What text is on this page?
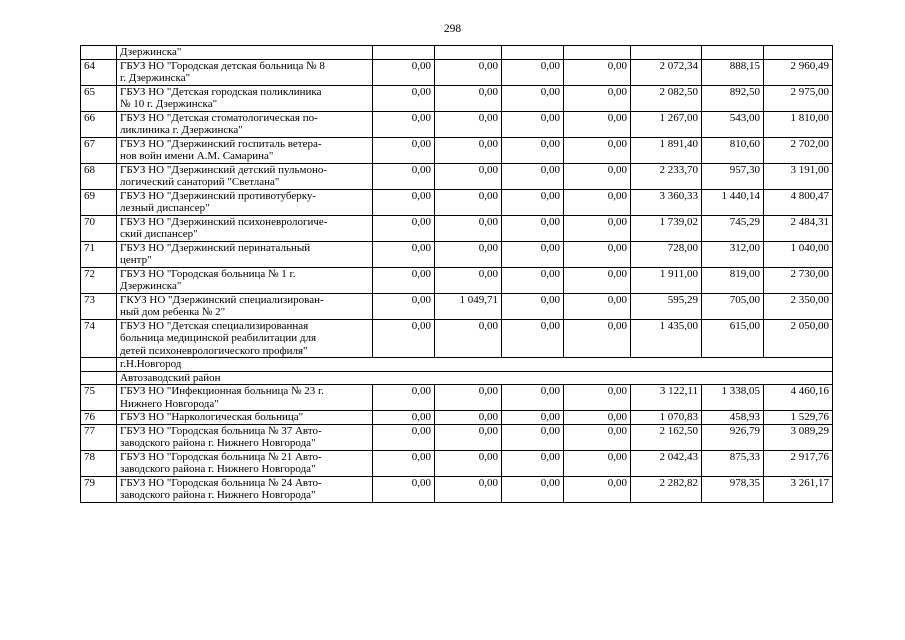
298
	Дзержинска"							
64	ГБУЗ НО "Городская детская больница № 8
г. Дзержинска"	0,00	0,00	0,00	0,00	2 072,34	888,15	2 960,49
65	ГБУЗ НО "Детская городская поликлиника
№ 10 г. Дзержинска"	0,00	0,00	0,00	0,00	2 082,50	892,50	2 975,00
66	ГБУЗ НО "Детская стоматологическая по-
ликлиника г. Дзержинска"	0,00	0,00	0,00	0,00	1 267,00	543,00	1 810,00
67	ГБУЗ НО "Дзержинский госпиталь ветера-
нов войн имени А.М. Самарина"	0,00	0,00	0,00	0,00	1 891,40	810,60	2 702,00
68	ГБУЗ НО "Дзержинский детский пульмоно-
логический санаторий "Светлана"	0,00	0,00	0,00	0,00	2 233,70	957,30	3 191,00
69	ГБУЗ НО "Дзержинский противотуберку-
лезный диспансер"	0,00	0,00	0,00	0,00	3 360,33	1 440,14	4 800,47
70	ГБУЗ НО "Дзержинский психоневрологиче-
ский диспансер"	0,00	0,00	0,00	0,00	1 739,02	745,29	2 484,31
71	ГБУЗ НО "Дзержинский перинатальный
центр"	0,00	0,00	0,00	0,00	728,00	312,00	1 040,00
72	ГБУЗ НО "Городская больница № 1 г.
Дзержинска"	0,00	0,00	0,00	0,00	1 911,00	819,00	2 730,00
73	ГКУЗ НО "Дзержинский специализирован-
ный дом ребенка № 2"	0,00	1 049,71	0,00	0,00	595,29	705,00	2 350,00
74	ГБУЗ НО "Детская специализированная
больница медицинской реабилитации для
детей психоневрологического профиля"	0,00	0,00	0,00	0,00	1 435,00	615,00	2 050,00
	г.Н.Новгород							
	Автозаводский район							
75	ГБУЗ НО "Инфекционная больница № 23 г.
Нижнего Новгорода"	0,00	0,00	0,00	0,00	3 122,11	1 338,05	4 460,16
76	ГБУЗ НО "Наркологическая больница"	0,00	0,00	0,00	0,00	1 070,83	458,93	1 529,76
77	ГБУЗ НО "Городская больница № 37 Авто-
заводского района г. Нижнего Новгорода"	0,00	0,00	0,00	0,00	2 162,50	926,79	3 089,29
78	ГБУЗ НО "Городская больница № 21 Авто-
заводского района г. Нижнего Новгорода"	0,00	0,00	0,00	0,00	2 042,43	875,33	2 917,76
79	ГБУЗ НО "Городская больница № 24 Авто-
заводского района г. Нижнего Новгорода"	0,00	0,00	0,00	0,00	2 282,82	978,35	3 261,17
